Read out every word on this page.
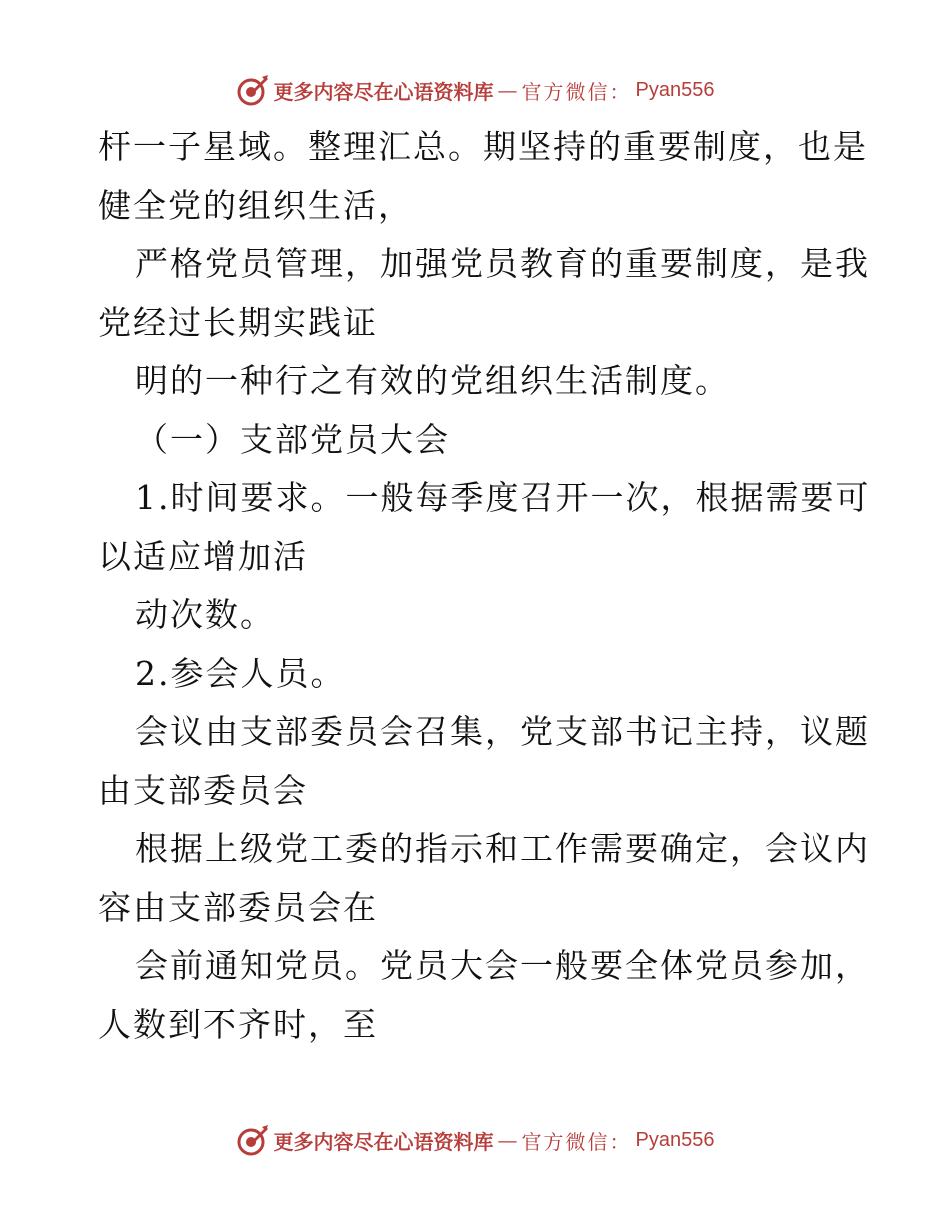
更多内容尽在心语资料库 — 官方微信： Pyan556
杆一子星域。整理汇总。期坚持的重要制度，也是
健全党的组织生活，
严格党员管理，加强党员教育的重要制度，是我
党经过长期实践证
明的一种行之有效的党组织生活制度。
（一）支部党员大会
1.时间要求。一般每季度召开一次，根据需要可
以适应增加活
动次数。
2.参会人员。
会议由支部委员会召集，党支部书记主持，议题
由支部委员会
根据上级党工委的指示和工作需要确定，会议内
容由支部委员会在
会前通知党员。党员大会一般要全体党员参加，
人数到不齐时，至
更多内容尽在心语资料库 — 官方微信： Pyan556
